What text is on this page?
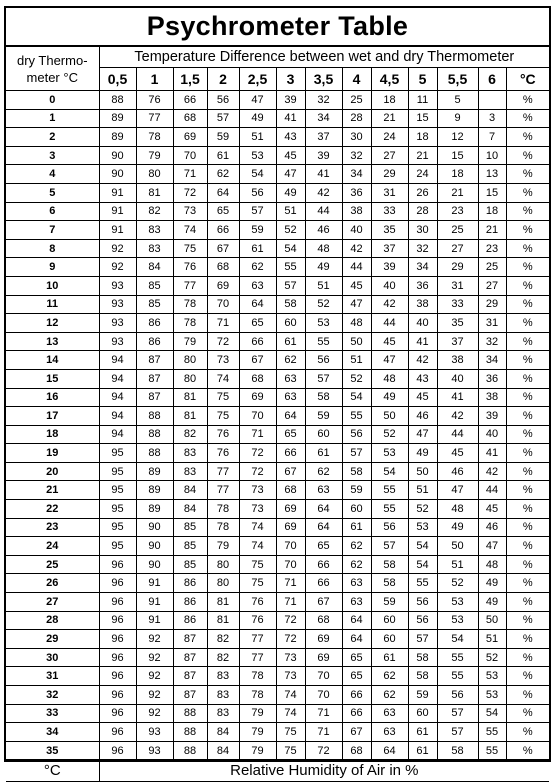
Psychrometer Table
dry Thermo-
meter °C	Temperature Difference between wet and dry Thermometer												
	0,5	1	1,5	2	2,5	3	3,5	4	4,5	5	5,5	6	°C
0	88	76	66	56	47	39	32	25	18	11	5		%
1	89	77	68	57	49	41	34	28	21	15	9	3	%
2	89	78	69	59	51	43	37	30	24	18	12	7	%
3	90	79	70	61	53	45	39	32	27	21	15	10	%
4	90	80	71	62	54	47	41	34	29	24	18	13	%
5	91	81	72	64	56	49	42	36	31	26	21	15	%
6	91	82	73	65	57	51	44	38	33	28	23	18	%
7	91	83	74	66	59	52	46	40	35	30	25	21	%
8	92	83	75	67	61	54	48	42	37	32	27	23	%
9	92	84	76	68	62	55	49	44	39	34	29	25	%
10	93	85	77	69	63	57	51	45	40	36	31	27	%
11	93	85	78	70	64	58	52	47	42	38	33	29	%
12	93	86	78	71	65	60	53	48	44	40	35	31	%
13	93	86	79	72	66	61	55	50	45	41	37	32	%
14	94	87	80	73	67	62	56	51	47	42	38	34	%
15	94	87	80	74	68	63	57	52	48	43	40	36	%
16	94	87	81	75	69	63	58	54	49	45	41	38	%
17	94	88	81	75	70	64	59	55	50	46	42	39	%
18	94	88	82	76	71	65	60	56	52	47	44	40	%
19	95	88	83	76	72	66	61	57	53	49	45	41	%
20	95	89	83	77	72	67	62	58	54	50	46	42	%
21	95	89	84	77	73	68	63	59	55	51	47	44	%
22	95	89	84	78	73	69	64	60	55	52	48	45	%
23	95	90	85	78	74	69	64	61	56	53	49	46	%
24	95	90	85	79	74	70	65	62	57	54	50	47	%
25	96	90	85	80	75	70	66	62	58	54	51	48	%
26	96	91	86	80	75	71	66	63	58	55	52	49	%
27	96	91	86	81	76	71	67	63	59	56	53	49	%
28	96	91	86	81	76	72	68	64	60	56	53	50	%
29	96	92	87	82	77	72	69	64	60	57	54	51	%
30	96	92	87	82	77	73	69	65	61	58	55	52	%
31	96	92	87	83	78	73	70	65	62	58	55	53	%
32	96	92	87	83	78	74	70	66	62	59	56	53	%
33	96	92	88	83	79	74	71	66	63	60	57	54	%
34	96	93	88	84	79	75	71	67	63	61	57	55	%
35	96	93	88	84	79	75	72	68	64	61	58	55	%
°C	Relative Humidity of Air in %												
